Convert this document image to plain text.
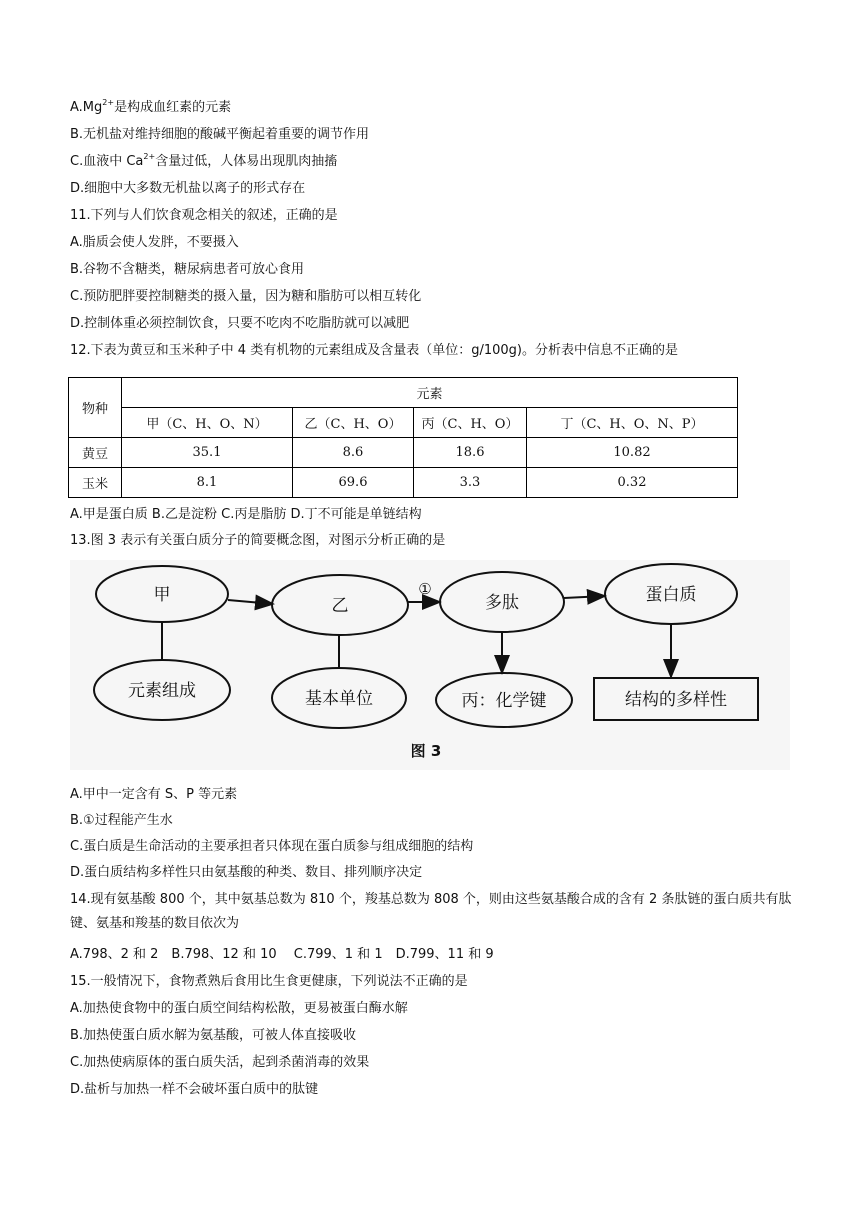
$A.Mg^{2+}$是构成血红素的元素
B.无机盐对维持细胞的酸碱平衡起着重要的调节作用
C.血液中 $Ca^{2+}$含量过低，人体易出现肌肉抽搐
D.细胞中大多数无机盐以离子的形式存在
11.下列与人们饮食观念相关的叙述，正确的是
A.脂质会使人发胖，不要摄入
B.谷物不含糖类，糖尿病患者可放心食用
C.预防肥胖要控制糖类的摄入量，因为糖和脂肪可以相互转化
D.控制体重必须控制饮食，只要不吃肉不吃脂肪就可以减肥
12.下表为黄豆和玉米种子中 4 类有机物的元素组成及含量表（单位：g/100g)。分析表中信息不正确的是
物种	元素			
	甲（C、H、O、N）	乙（C、H、O）	丙（C、H、O）	丁（C、H、O、N、P）
黄豆	35.1	8.6	18.6	10.82
玉米	8.1	69.6	3.3	0.32
A.甲是蛋白质 B.乙是淀粉 C.丙是脂肪 D.丁不可能是单链结构
13.图 3 表示有关蛋白质分子的简要概念图，对图示分析正确的是
甲
乙	多肽	蛋白质
元素组成	基本单位	丙：化学键	结构的多样性
①
图 3
A.甲中一定含有 S、P 等元素
B.①过程能产生水
C.蛋白质是生命活动的主要承担者只体现在蛋白质参与组成细胞的结构
D.蛋白质结构多样性只由氨基酸的种类、数目、排列顺序决定
14.现有氨基酸 800 个，其中氨基总数为 810 个，羧基总数为 808 个，则由这些氨基酸合成的含有 2 条肽链的蛋白质共有肽键、氨基和羧基的数目依次为
A.798、2 和 2　B.798、12 和 10　 C.799、1 和 1　D.799、11 和 9
15.一般情况下，食物煮熟后食用比生食更健康，下列说法不正确的是
A.加热使食物中的蛋白质空间结构松散，更易被蛋白酶水解
B.加热使蛋白质水解为氨基酸，可被人体直接吸收
C.加热使病原体的蛋白质失活，起到杀菌消毒的效果
D.盐析与加热一样不会破坏蛋白质中的肽键
